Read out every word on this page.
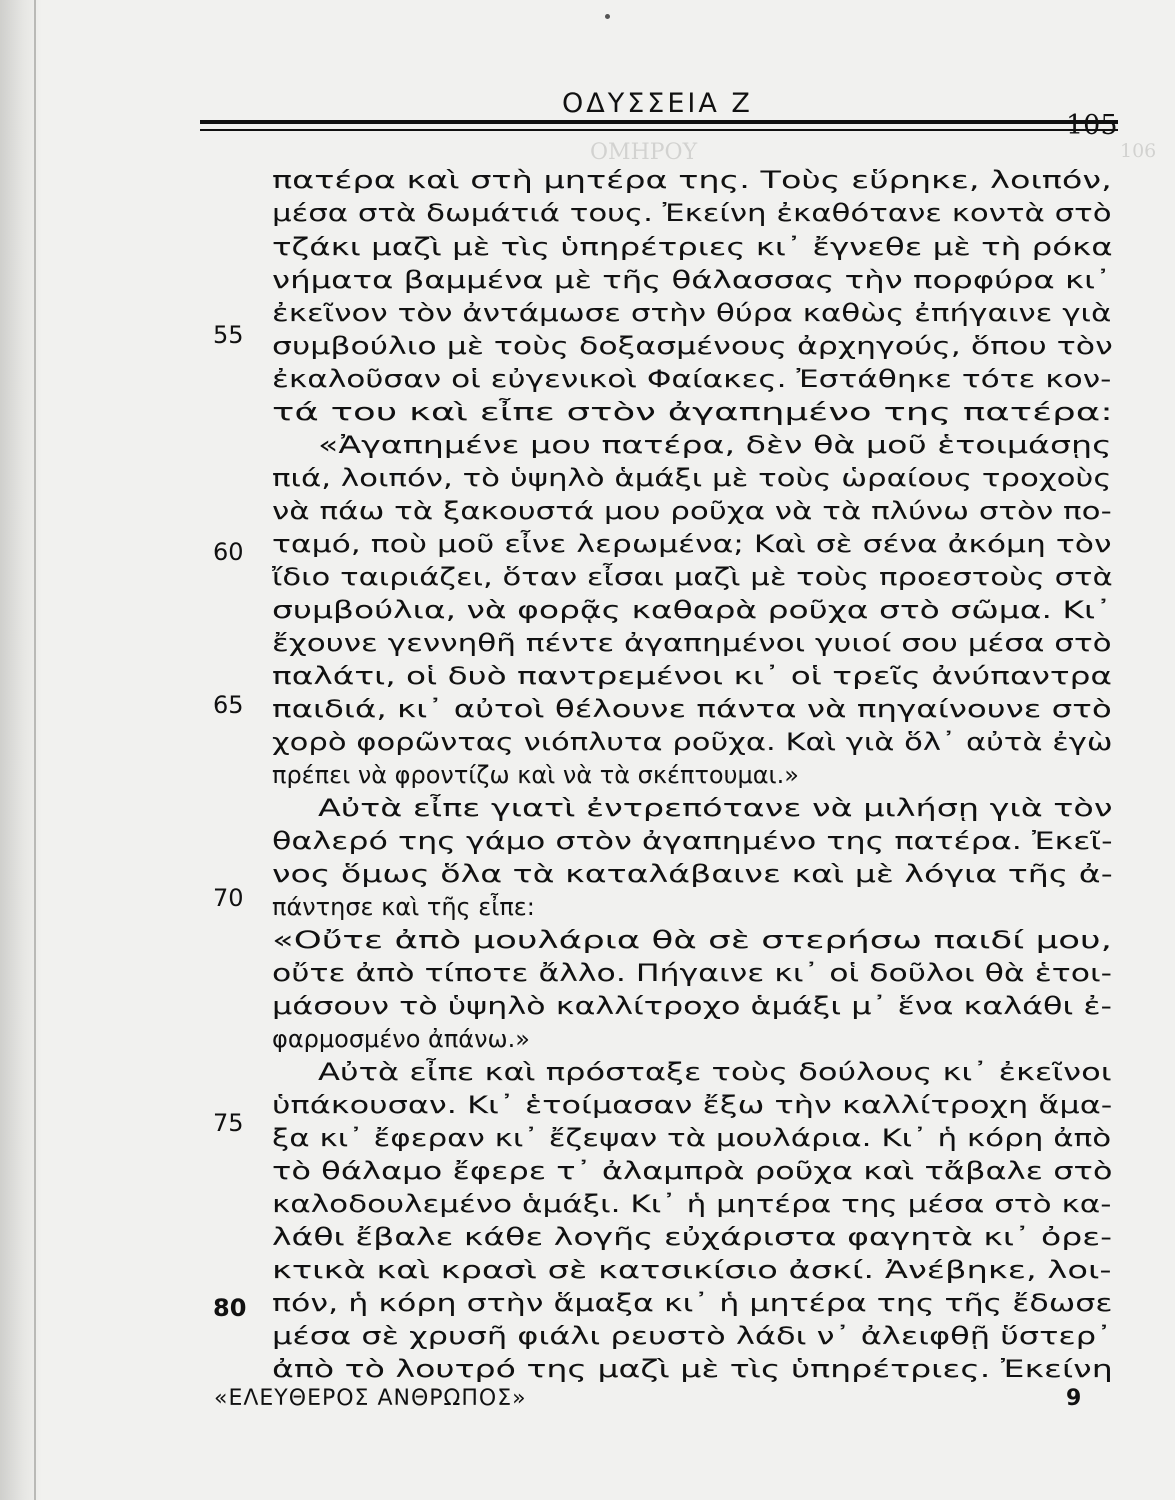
ΟΜΗΡΟΥ	106
ΟΔΥΣΣΕΙΑ Ζ
105
πατέρα καὶ στὴ μητέρα της. Τοὺς εὕρηκε, λοιπόν,
μέσα στὰ δωμάτιά τους. Ἐκείνη ἐκαθότανε κοντὰ στὸ
τζάκι μαζὶ μὲ τὶς ὑπηρέτριες κι᾽ ἔγνεθε μὲ τὴ ρόκα
νήματα βαμμένα μὲ τῆς θάλασσας τὴν πορφύρα κι᾽
ἐκεῖνον τὸν ἀντάμωσε στὴν θύρα καθὼς ἐπήγαινε γιὰ
55 συμβούλιο μὲ τοὺς δοξασμένους ἀρχηγούς, ὅπου τὸν
ἐκαλοῦσαν οἱ εὐγενικοὶ Φαίακες. Ἐστάθηκε τότε κον-
τά του καὶ εἶπε στὸν ἀγαπημένο της πατέρα:
«Ἀγαπημένε μου πατέρα, δὲν θὰ μοῦ ἑτοιμάσῃς
πιά, λοιπόν, τὸ ὑψηλὸ ἁμάξι μὲ τοὺς ὡραίους τροχοὺς
νὰ πάω τὰ ξακουστά μου ροῦχα νὰ τὰ πλύνω στὸν πο-
ταμό, ποὺ μοῦ εἶνε λερωμένα; Καὶ σὲ σένα ἀκόμη τὸν
60
ἴδιο ταιριάζει, ὅταν εἶσαι μαζὶ μὲ τοὺς προεστοὺς στὰ
συμβούλια, νὰ φορᾷς καθαρὰ ροῦχα στὸ σῶμα. Κι᾽
ἔχουνε γεννηθῆ πέντε ἀγαπημένοι γυιοί σου μέσα στὸ
παλάτι, οἱ δυὸ παντρεμένοι κι᾽ οἱ τρεῖς ἀνύπαντρα
παιδιά, κι᾽ αὐτοὶ θέλουνε πάντα νὰ πηγαίνουνε στὸ
65
χορὸ φορῶντας νιόπλυτα ροῦχα. Καὶ γιὰ ὅλ᾽ αὐτὰ ἐγὼ
πρέπει νὰ φροντίζω καὶ νὰ τὰ σκέπτουμαι.»
Αὐτὰ εἶπε γιατὶ ἐντρεπότανε νὰ μιλήσῃ γιὰ τὸν
θαλερό της γάμο στὸν ἀγαπημένο της πατέρα. Ἐκεῖ-
νος ὅμως ὅλα τὰ καταλάβαινε καὶ μὲ λόγια τῆς ἀ-
πάντησε καὶ τῆς εἶπε:
70
«Οὔτε ἀπὸ μουλάρια θὰ σὲ στερήσω παιδί μου,
οὔτε ἀπὸ τίποτε ἄλλο. Πήγαινε κι᾽ οἱ δοῦλοι θὰ ἑτοι-
μάσουν τὸ ὑψηλὸ καλλίτροχο ἁμάξι μ᾽ ἕνα καλάθι ἐ-
φαρμοσμένο ἀπάνω.»
Αὐτὰ εἶπε καὶ πρόσταξε τοὺς δούλους κι᾽ ἐκεῖνοι
ὑπάκουσαν. Κι᾽ ἑτοίμασαν ἔξω τὴν καλλίτροχη ἅμα-
ξα κι᾽ ἔφεραν κι᾽ ἔζεψαν τὰ μουλάρια. Κι᾽ ἡ κόρη ἀπὸ
75
τὸ θάλαμο ἔφερε τ᾽ ἀλαμπρὰ ροῦχα καὶ τἄβαλε στὸ
καλοδουλεμένο ἁμάξι. Κι᾽ ἡ μητέρα της μέσα στὸ κα-
λάθι ἔβαλε κάθε λογῆς εὐχάριστα φαγητὰ κι᾽ ὀρε-
κτικὰ καὶ κρασὶ σὲ κατσικίσιο ἀσκί. Ἀνέβηκε, λοι-
πόν, ἡ κόρη στὴν ἅμαξα κι᾽ ἡ μητέρα της τῆς ἔδωσε
μέσα σὲ χρυσῆ φιάλι ρευστὸ λάδι ν᾽ ἀλειφθῇ ὕστερ᾽
80
ἀπὸ τὸ λουτρό της μαζὶ μὲ τὶς ὑπηρέτριες. Ἐκείνη
«ΕΛΕΥΘΕΡΟΣ ΑΝΘΡΩΠΟΣ»	9
